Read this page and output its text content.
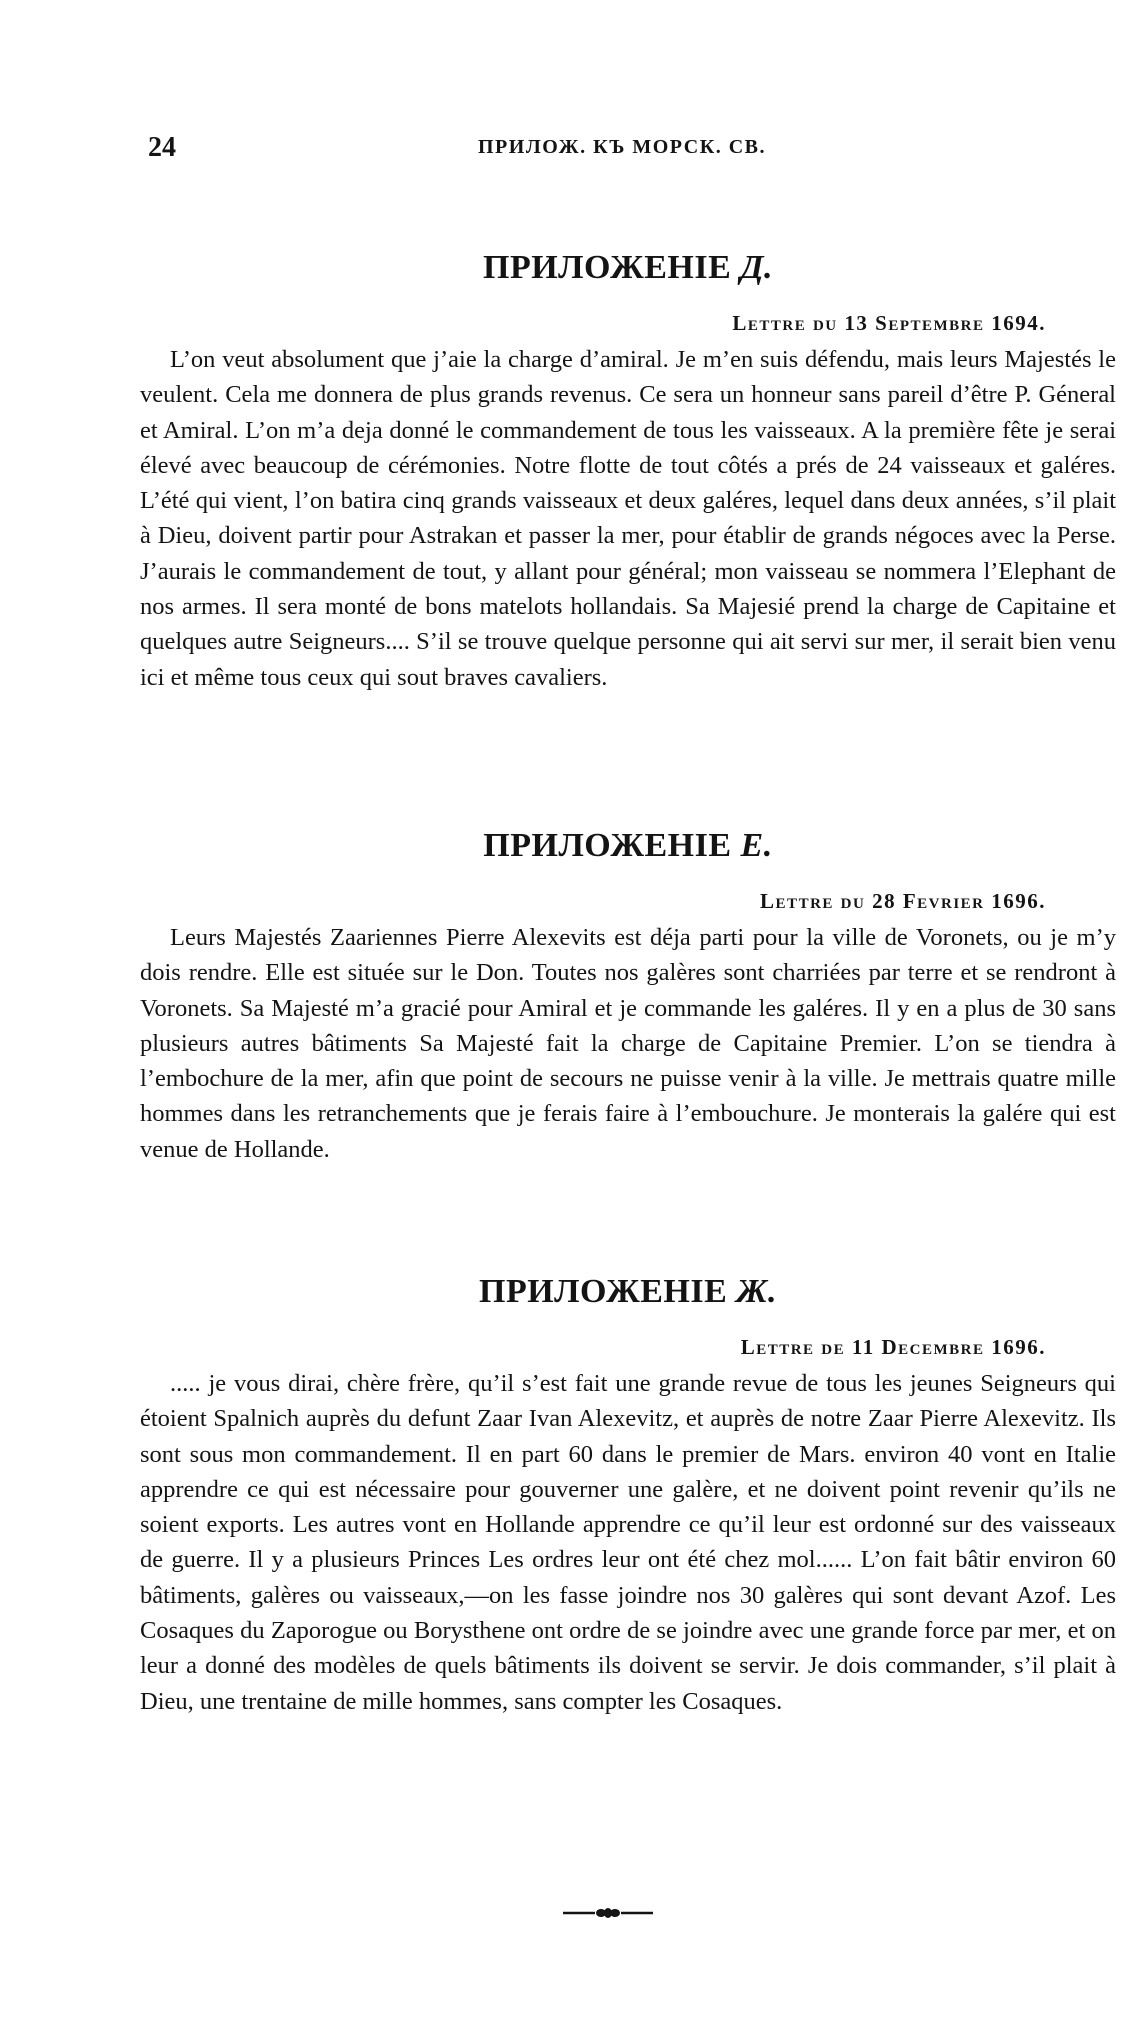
24	ПРИЛОЖ. КЪ МОРСК. СВ.
ПРИЛОЖЕНІЕ Д.
Lettre du 13 Septembre 1694.

L’on veut absolument que j’aie la charge d’amiral. Je m’en suis défendu, mais leurs Majestés le veulent. Cela me donnera de plus grands revenus. Ce sera un honneur sans pareil d’être P. Géneral et Amiral. L’on m’a deja donné le commandement de tous les vaisseaux. A la première fête je serai élevé avec beaucoup de cérémonies. Notre flotte de tout côtés a prés de 24 vaisseaux et galéres. L’été qui vient, l’on batira cinq grands vaisseaux et deux galéres, lequel dans deux années, s’il plait à Dieu, doivent partir pour Astrakan et passer la mer, pour établir de grands négoces avec la Perse. J’aurais le commandement de tout, y allant pour général; mon vaisseau se nommera l’Elephant de nos armes. Il sera monté de bons matelots hollandais. Sa Majesié prend la charge de Capitaine et quelques autre Seigneurs.... S’il se trouve quelque personne qui ait servi sur mer, il serait bien venu ici et même tous ceux qui sout braves cavaliers.

ПРИЛОЖЕНІЕ Е.
Lettre du 28 Fevrier 1696.

Leurs Majestés Zaariennes Pierre Alexevits est déja parti pour la ville de Voronets, ou je m’y dois rendre. Elle est située sur le Don. Toutes nos galères sont charriées par terre et se rendront à Voronets. Sa Majesté m’a gracié pour Amiral et je commande les galéres. Il y en a plus de 30 sans plusieurs autres bâtiments Sa Majesté fait la charge de Capitaine Premier. L’on se tiendra à l’embochure de la mer, afin que point de secours ne puisse venir à la ville. Je mettrais quatre mille hommes dans les retranchements que je ferais faire à l’embouchure. Je monterais la galére qui est venue de Hollande.

ПРИЛОЖЕНІЕ Ж.
Lettre de 11 Decembre 1696.

..... je vous dirai, chère frère, qu’il s’est fait une grande revue de tous les jeunes Seigneurs qui étoient Spalnich auprès du defunt Zaar Ivan Alexevitz, et auprès de notre Zaar Pierre Alexevitz. Ils sont sous mon commandement. Il en part 60 dans le premier de Mars. environ 40 vont en Italie apprendre ce qui est nécessaire pour gouverner une galère, et ne doivent point revenir qu’ils ne soient exports. Les autres vont en Hollande apprendre ce qu’il leur est ordonné sur des vaisseaux de guerre. Il y a plusieurs Princes Les ordres leur ont été chez mol...... L’on fait bâtir environ 60 bâtiments, galères ou vaisseaux,—on les fasse joindre nos 30 galères qui sont devant Azof. Les Cosaques du Zaporogue ou Borysthene ont ordre de se joindre avec une grande force par mer, et on leur a donné des modèles de quels bâtiments ils doivent se servir. Je dois commander, s’il plait à Dieu, une trentaine de mille hommes, sans compter les Cosaques.
